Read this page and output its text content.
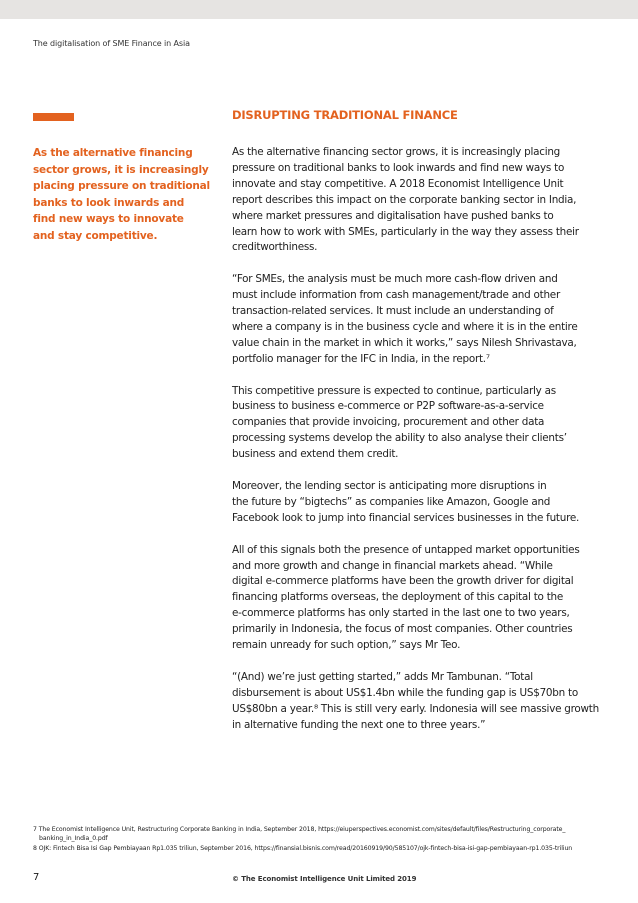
The digitalisation of SME Finance in Asia
As the alternative financing
sector grows, it is increasingly
placing pressure on traditional
banks to look inwards and
find new ways to innovate
and stay competitive.
DISRUPTING TRADITIONAL FINANCE

As the alternative financing sector grows, it is increasingly placing
pressure on traditional banks to look inwards and find new ways to
innovate and stay competitive. A 2018 Economist Intelligence Unit
report describes this impact on the corporate banking sector in India,
where market pressures and digitalisation have pushed banks to
learn how to work with SMEs, particularly in the way they assess their
creditworthiness.

“For SMEs, the analysis must be much more cash-flow driven and
must include information from cash management/trade and other
transaction-related services. It must include an understanding of
where a company is in the business cycle and where it is in the entire
value chain in the market in which it works,” says Nilesh Shrivastava,
portfolio manager for the IFC in India, in the report.⁷

This competitive pressure is expected to continue, particularly as
business to business e-commerce or P2P software-as-a-service
companies that provide invoicing, procurement and other data
processing systems develop the ability to also analyse their clients’
business and extend them credit.

Moreover, the lending sector is anticipating more disruptions in
the future by “bigtechs” as companies like Amazon, Google and
Facebook look to jump into financial services businesses in the future.

All of this signals both the presence of untapped market opportunities
and more growth and change in financial markets ahead. “While
digital e-commerce platforms have been the growth driver for digital
financing platforms overseas, the deployment of this capital to the
e-commerce platforms has only started in the last one to two years,
primarily in Indonesia, the focus of most companies. Other countries
remain unready for such option,” says Mr Teo.

“(And) we’re just getting started,” adds Mr Tambunan. “Total
disbursement is about US$1.4bn while the funding gap is US$70bn to
US$80bn a year.⁸ This is still very early. Indonesia will see massive growth
in alternative funding the next one to three years.”

7 The Economist Intelligence Unit, Restructuring Corporate Banking in India, September 2018, https://eiuperspectives.economist.com/sites/default/files/Restructuring_corporate_
banking_in_India_0.pdf
8 OJK: Fintech Bisa Isi Gap Pembiayaan Rp1.035 triliun, September 2016, https://finansial.bisnis.com/read/20160919/90/585107/ojk-fintech-bisa-isi-gap-pembiayaan-rp1.035-triliun
7	© The Economist Intelligence Unit Limited 2019
